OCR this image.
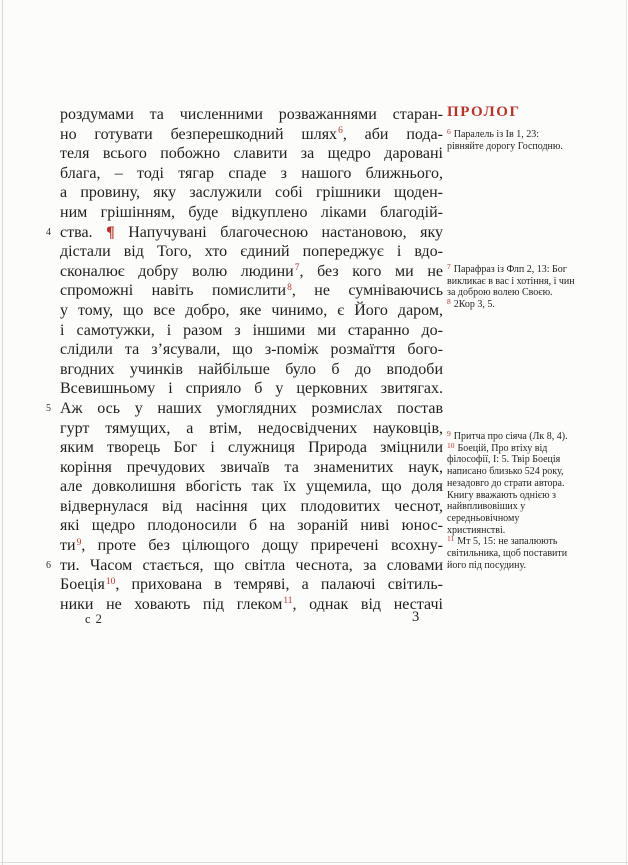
роздумами та численними розважаннями старан-
но готувати безперешкодний шлях$^6$, аби пода-
теля всього побожно славити за щедро даровані
блага, – тоді тягар спаде з нашого ближнього,
а провину, яку заслужили собі грішники щоден-
ним грішінням, буде відкуплено ліками благодій-
4 ства. ¶ Напучувані благочесною настановою, яку
дістали від Того, хто єдиний попереджує і вдо-
сконалює добру волю людини$^7$, без кого ми не
спроможні навіть помислити$^8$, не сумніваючись
у тому, що все добро, яке чинимо, є Його даром,
і самотужки, і разом з іншими ми старанно до-
слідили та з’ясували, що з-поміж розмаїття бого-
вгодних учинків найбільше було б до вподоби
Всевишньому і сприяло б у церковних звитягах.
5 Аж ось у наших умоглядних розмислах постав
гурт тямущих, а втім, недосвідчених науковців,
яким творець Бог і служниця Природа зміцнили
коріння пречудових звичаїв та знаменитих наук,
але довколишня вбогість так їх ущемила, що доля
відвернулася від насіння цих плодовитих чеснот,
які щедро плодоносили б на зораній ниві юнос-
ти$^9$, проте без цілющого дощу приречені всохну-
6 ти. Часом стається, що світла чеснота, за словами
Боеція$^{10}$, прихована в темряві, а палаючі світиль-
ники не ховають під глеком$^{11}$, однак від нестачі
ПРОЛОГ
$^6$ Паралель із Ів 1, 23: рівняйте дорогу Господню.
$^7$ Парафраз із Флп 2, 13: Бог викликає в вас і хотіння, і чин за доброю волею Своєю.
$^8$ 2Кор 3, 5.
$^9$ Притча про сіяча (Лк 8, 4).
$^{10}$ Боецій, Про втіху від філософії, І: 5. Твір Боеція написано близько 524 року, незадовго до страти автора. Книгу вважають однією з найвпливовіших у середньовічному християнстві.
$^{11}$ Мт 5, 15: не запалюють світильника, щоб поставити його під посудину.
с 2	3
